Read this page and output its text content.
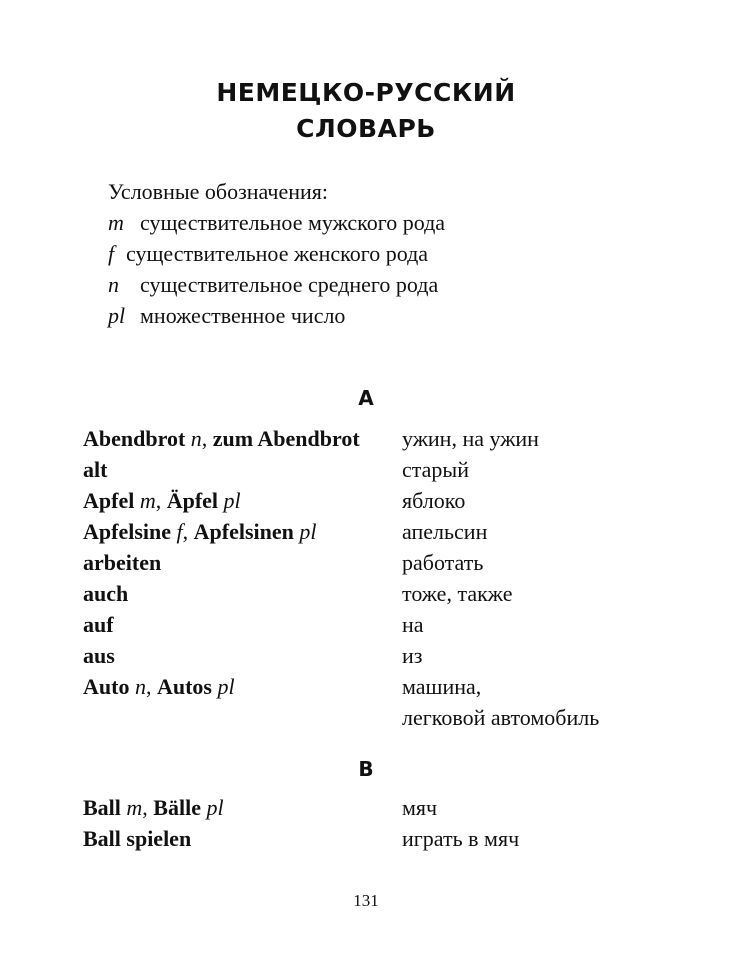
НЕМЕЦКО-РУССКИЙ
СЛОВАРЬ
Условные обозначения:
m существительное мужского рода
f существительное женского рода
n существительное среднего рода
pl множественное число
A
Abendbrot n, zum Abendbrot ужин, на ужин
alt	старый
Apfel m, Äpfel pl	яблоко
Apfelsine f, Apfelsinen pl	апельсин
arbeiten	работать
auch	тоже, также
auf	на
aus	из
Auto n, Autos pl	машина,
легковой автомобиль
B
Ball m, Bälle pl	мяч
Ball spielen	играть в мяч
131
